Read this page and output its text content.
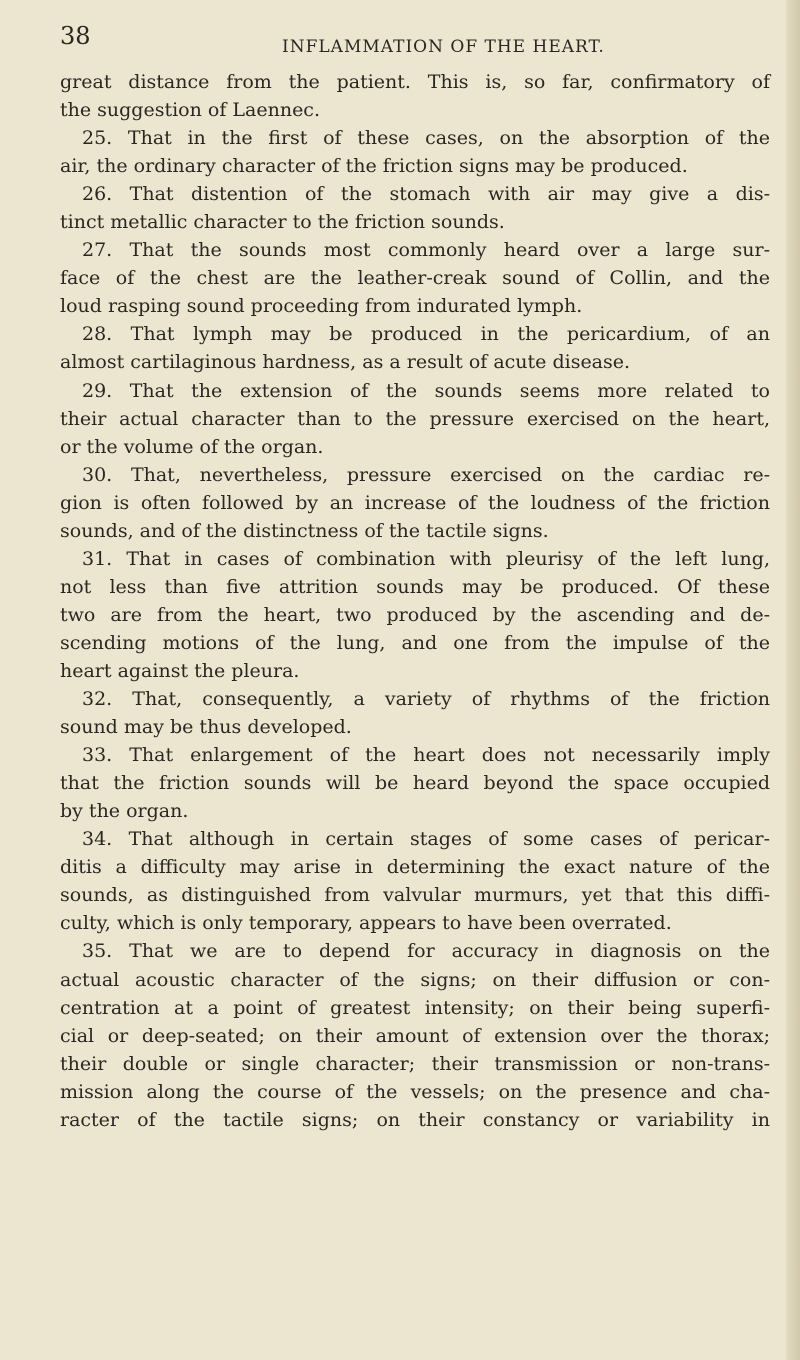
38	INFLAMMATION OF THE HEART.
great distance from the patient. This is, so far, confirmatory of
the suggestion of Laennec.
25. That in the first of these cases, on the absorption of the
air, the ordinary character of the friction signs may be produced.
26. That distention of the stomach with air may give a dis-
tinct metallic character to the friction sounds.
27. That the sounds most commonly heard over a large sur-
face of the chest are the leather-creak sound of Collin, and the
loud rasping sound proceeding from indurated lymph.
28. That lymph may be produced in the pericardium, of an
almost cartilaginous hardness, as a result of acute disease.
29. That the extension of the sounds seems more related to
their actual character than to the pressure exercised on the heart,
or the volume of the organ.
30. That, nevertheless, pressure exercised on the cardiac re-
gion is often followed by an increase of the loudness of the friction
sounds, and of the distinctness of the tactile signs.
31. That in cases of combination with pleurisy of the left lung,
not less than five attrition sounds may be produced. Of these
two are from the heart, two produced by the ascending and de-
scending motions of the lung, and one from the impulse of the
heart against the pleura.
32. That, consequently, a variety of rhythms of the friction
sound may be thus developed.
33. That enlargement of the heart does not necessarily imply
that the friction sounds will be heard beyond the space occupied
by the organ.
34. That although in certain stages of some cases of pericar-
ditis a difficulty may arise in determining the exact nature of the
sounds, as distinguished from valvular murmurs, yet that this diffi-
culty, which is only temporary, appears to have been overrated.
35. That we are to depend for accuracy in diagnosis on the
actual acoustic character of the signs; on their diffusion or con-
centration at a point of greatest intensity; on their being superfi-
cial or deep-seated; on their amount of extension over the thorax;
their double or single character; their transmission or non-trans-
mission along the course of the vessels; on the presence and cha-
racter of the tactile signs; on their constancy or variability in
